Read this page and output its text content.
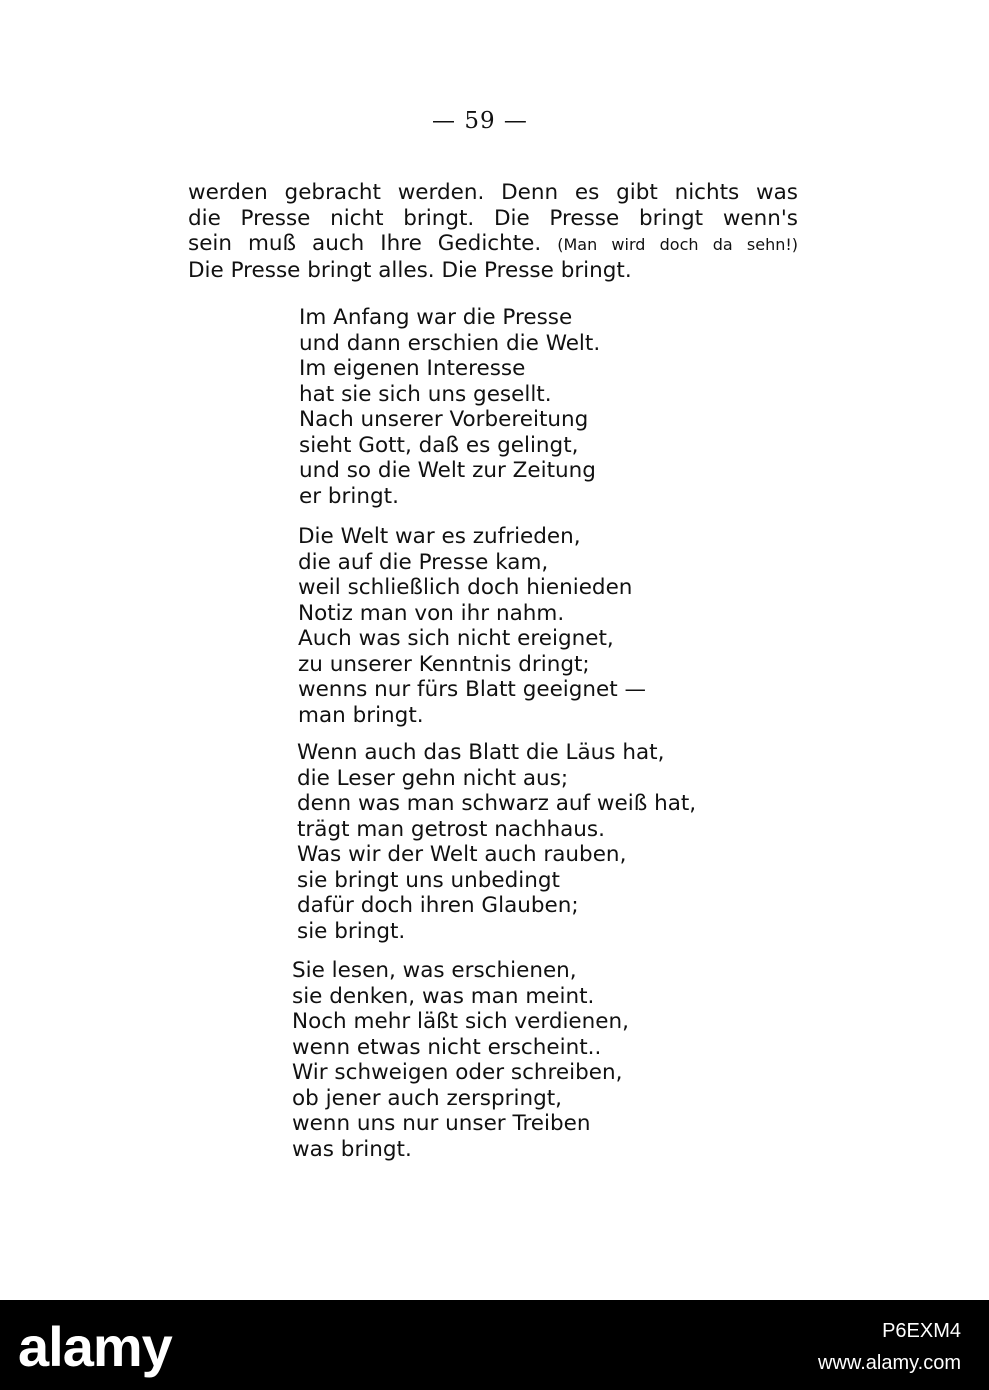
— 59 —
werden gebracht werden. Denn es gibt nichts was
die Presse nicht bringt. Die Presse bringt wenn's
sein muß auch Ihre Gedichte. (Man wird doch da sehn!)
Die Presse bringt alles. Die Presse bringt.
Im Anfang war die Presse
und dann erschien die Welt.
Im eigenen Interesse
hat sie sich uns gesellt.
Nach unserer Vorbereitung
sieht Gott, daß es gelingt,
und so die Welt zur Zeitung
er bringt.
Die Welt war es zufrieden,
die auf die Presse kam,
weil schließlich doch hienieden
Notiz man von ihr nahm.
Auch was sich nicht ereignet,
zu unserer Kenntnis dringt;
wenns nur fürs Blatt geeignet —
man bringt.
Wenn auch das Blatt die Läus hat,
die Leser gehn nicht aus;
denn was man schwarz auf weiß hat,
trägt man getrost nachhaus.
Was wir der Welt auch rauben,
sie bringt uns unbedingt
dafür doch ihren Glauben;
sie bringt.
Sie lesen, was erschienen,
sie denken, was man meint.
Noch mehr läßt sich verdienen,
wenn etwas nicht erscheint..
Wir schweigen oder schreiben,
ob jener auch zerspringt,
wenn uns nur unser Treiben
was bringt.
alamy	P6EXM4
www.alamy.com
